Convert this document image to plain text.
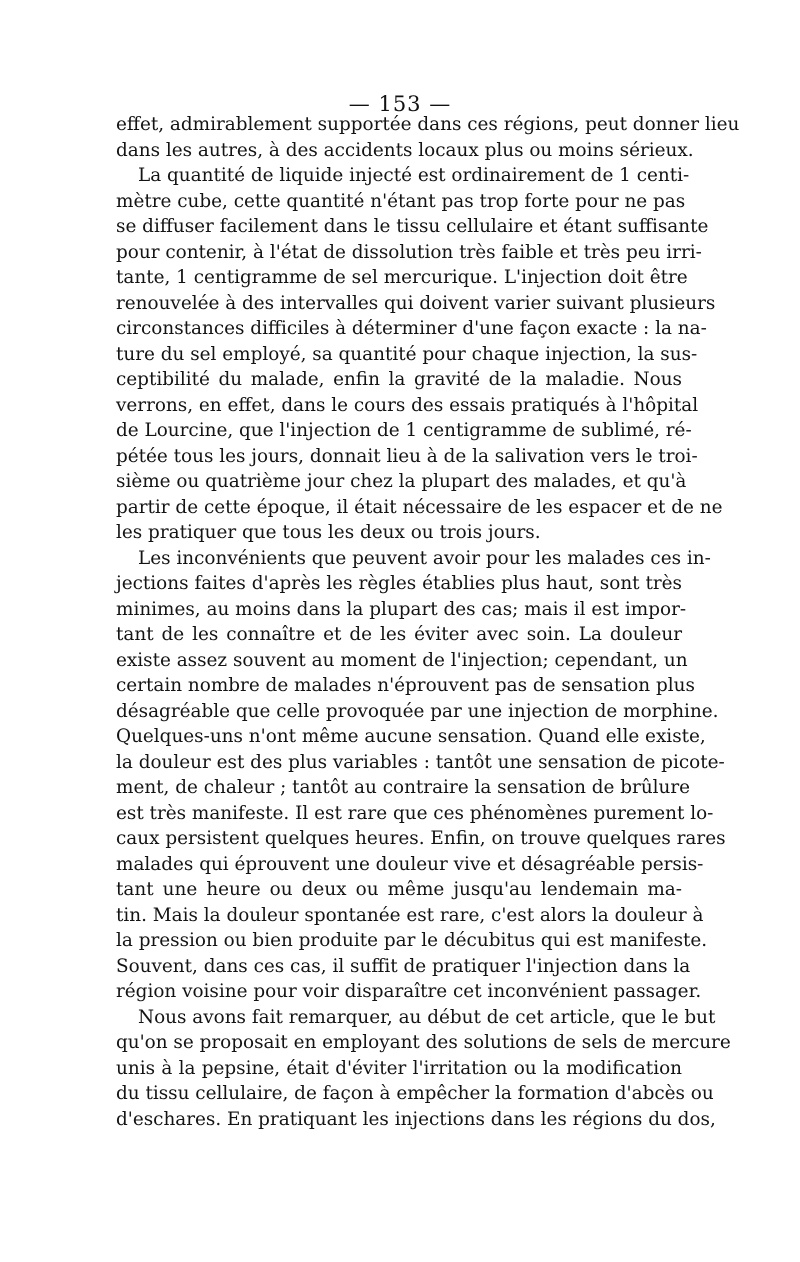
— 153 —
effet, admirablement supportée dans ces régions, peut donner lieu
dans les autres, à des accidents locaux plus ou moins sérieux.
La quantité de liquide injecté est ordinairement de 1 centi-
mètre cube, cette quantité n'étant pas trop forte pour ne pas
se diffuser facilement dans le tissu cellulaire et étant suffisante
pour contenir, à l'état de dissolution très faible et très peu irri-
tante, 1 centigramme de sel mercurique. L'injection doit être
renouvelée à des intervalles qui doivent varier suivant plusieurs
circonstances difficiles à déterminer d'une façon exacte : la na-
ture du sel employé, sa quantité pour chaque injection, la sus-
ceptibilité du malade, enfin la gravité de la maladie. Nous
verrons, en effet, dans le cours des essais pratiqués à l'hôpital
de Lourcine, que l'injection de 1 centigramme de sublimé, ré-
pétée tous les jours, donnait lieu à de la salivation vers le troi-
sième ou quatrième jour chez la plupart des malades, et qu'à
partir de cette époque, il était nécessaire de les espacer et de ne
les pratiquer que tous les deux ou trois jours.
Les inconvénients que peuvent avoir pour les malades ces in-
jections faites d'après les règles établies plus haut, sont très
minimes, au moins dans la plupart des cas; mais il est impor-
tant de les connaître et de les éviter avec soin. La douleur
existe assez souvent au moment de l'injection; cependant, un
certain nombre de malades n'éprouvent pas de sensation plus
désagréable que celle provoquée par une injection de morphine.
Quelques-uns n'ont même aucune sensation. Quand elle existe,
la douleur est des plus variables : tantôt une sensation de picote-
ment, de chaleur ; tantôt au contraire la sensation de brûlure
est très manifeste. Il est rare que ces phénomènes purement lo-
caux persistent quelques heures. Enfin, on trouve quelques rares
malades qui éprouvent une douleur vive et désagréable persis-
tant une heure ou deux ou même jusqu'au lendemain ma-
tin. Mais la douleur spontanée est rare, c'est alors la douleur à
la pression ou bien produite par le décubitus qui est manifeste.
Souvent, dans ces cas, il suffit de pratiquer l'injection dans la
région voisine pour voir disparaître cet inconvénient passager.
Nous avons fait remarquer, au début de cet article, que le but
qu'on se proposait en employant des solutions de sels de mercure
unis à la pepsine, était d'éviter l'irritation ou la modification
du tissu cellulaire, de façon à empêcher la formation d'abcès ou
d'eschares. En pratiquant les injections dans les régions du dos,
